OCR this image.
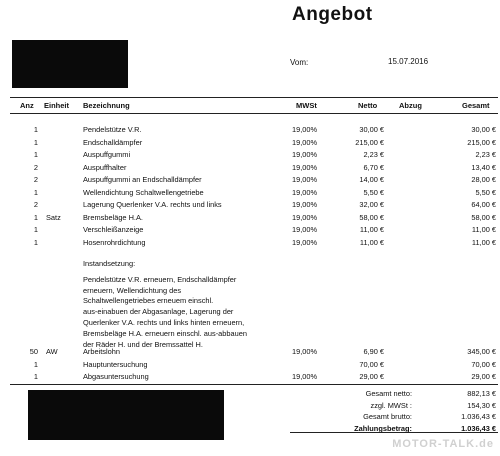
Angebot
Vom:	15.07.2016
Anz Einheit Bezeichnung	MWSt	Netto	Abzug	Gesamt
1	Pendelstütze V.R.	19,00%	30,00 €	30,00 €
1	Endschalldämpfer	19,00%	215,00 €	215,00 €
1	Auspuffgummi	19,00%	2,23 €	2,23 €
2	Auspuffhalter	19,00%	6,70 €	13,40 €
2	Auspuffgummi an Endschalldämpfer	19,00%	14,00 €	28,00 €
1	Wellendichtung Schaltwellengetriebe	19,00%	5,50 €	5,50 €
2	Lagerung Querlenker V.A. rechts und links	19,00%	32,00 €	64,00 €
1 Satz	Bremsbeläge H.A.	19,00%	58,00 €	58,00 €
1	Verschleißanzeige	19,00%	11,00 €	11,00 €
1	Hosenrohrdichtung	19,00%	11,00 €	11,00 €
Instandsetzung:
Pendelstütze V.R. erneuern, Endschalldämpfer
erneuern, Wellendichtung des
Schaltwellengetriebes erneuem einschl.
aus-einabuen der Abgasanlage, Lagerung der
Querlenker V.A. rechts und links hinten erneuern,
Bremsbeläge H.A. erneuern einschl. aus-abbauen
der Räder H. und der Bremssattel H.
50 AW	Arbeitslohn	19,00%	6,90 €	345,00 €
1	Hauptuntersuchung	70,00 €	70,00 €
1	Abgasuntersuchung	19,00%	29,00 €	29,00 €
Gesamt netto:	882,13 €
zzgl. MWSt :	154,30 €
Gesamt brutto:	1.036,43 €
Zahlungsbetrag:	1.036,43 €
MOTOR-TALK.de
